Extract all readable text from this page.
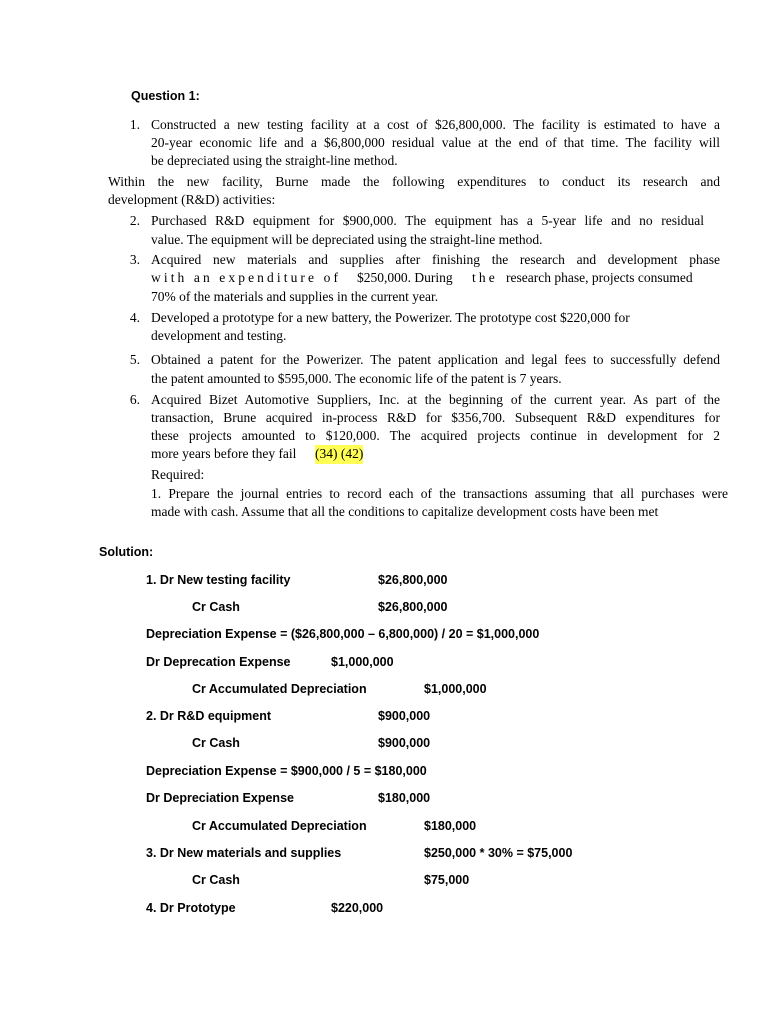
Question 1:
1. Constructed a new testing facility at a cost of $26,800,000. The facility is estimated to have a
20-year economic life and a $6,800,000 residual value at the end of that time. The facility will
be depreciated using the straight-line method.
Within the new facility, Burne made the following expenditures to conduct its research and
development (R&D) activities:
2. Purchased R&D equipment for $900,000. The equipment has a 5-year life and no residual
value. The equipment will be depreciated using the straight-line method.
3. Acquired new materials and supplies after finishing the research and development phase
with an expenditure of $250,000. During the research phase, projects consumed
70% of the materials and supplies in the current year.
4. Developed a prototype for a new battery, the Powerizer. The prototype cost $220,000 for
development and testing.
5. Obtained a patent for the Powerizer. The patent application and legal fees to successfully defend
the patent amounted to $595,000. The economic life of the patent is 7 years.
6. Acquired Bizet Automotive Suppliers, Inc. at the beginning of the current year. As part of the
transaction, Brune acquired in-process R&D for $356,700. Subsequent R&D expenditures for
these projects amounted to $120,000. The acquired projects continue in development for 2
more years before they fail (34) (42)
Required:
1. Prepare the journal entries to record each of the transactions assuming that all purchases were
made with cash. Assume that all the conditions to capitalize development costs have been met
Solution:
1. Dr New testing facility	$26,800,000
Cr Cash	$26,800,000
Depreciation Expense = ($26,800,000 – 6,800,000) / 20 = $1,000,000
Dr Deprecation Expense	$1,000,000
Cr Accumulated Depreciation	$1,000,000
2. Dr R&D equipment	$900,000
Cr Cash	$900,000
Depreciation Expense = $900,000 / 5 = $180,000
Dr Depreciation Expense	$180,000
Cr Accumulated Depreciation	$180,000
3. Dr New materials and supplies	$250,000 * 30% = $75,000
Cr Cash	$75,000
4. Dr Prototype	$220,000
